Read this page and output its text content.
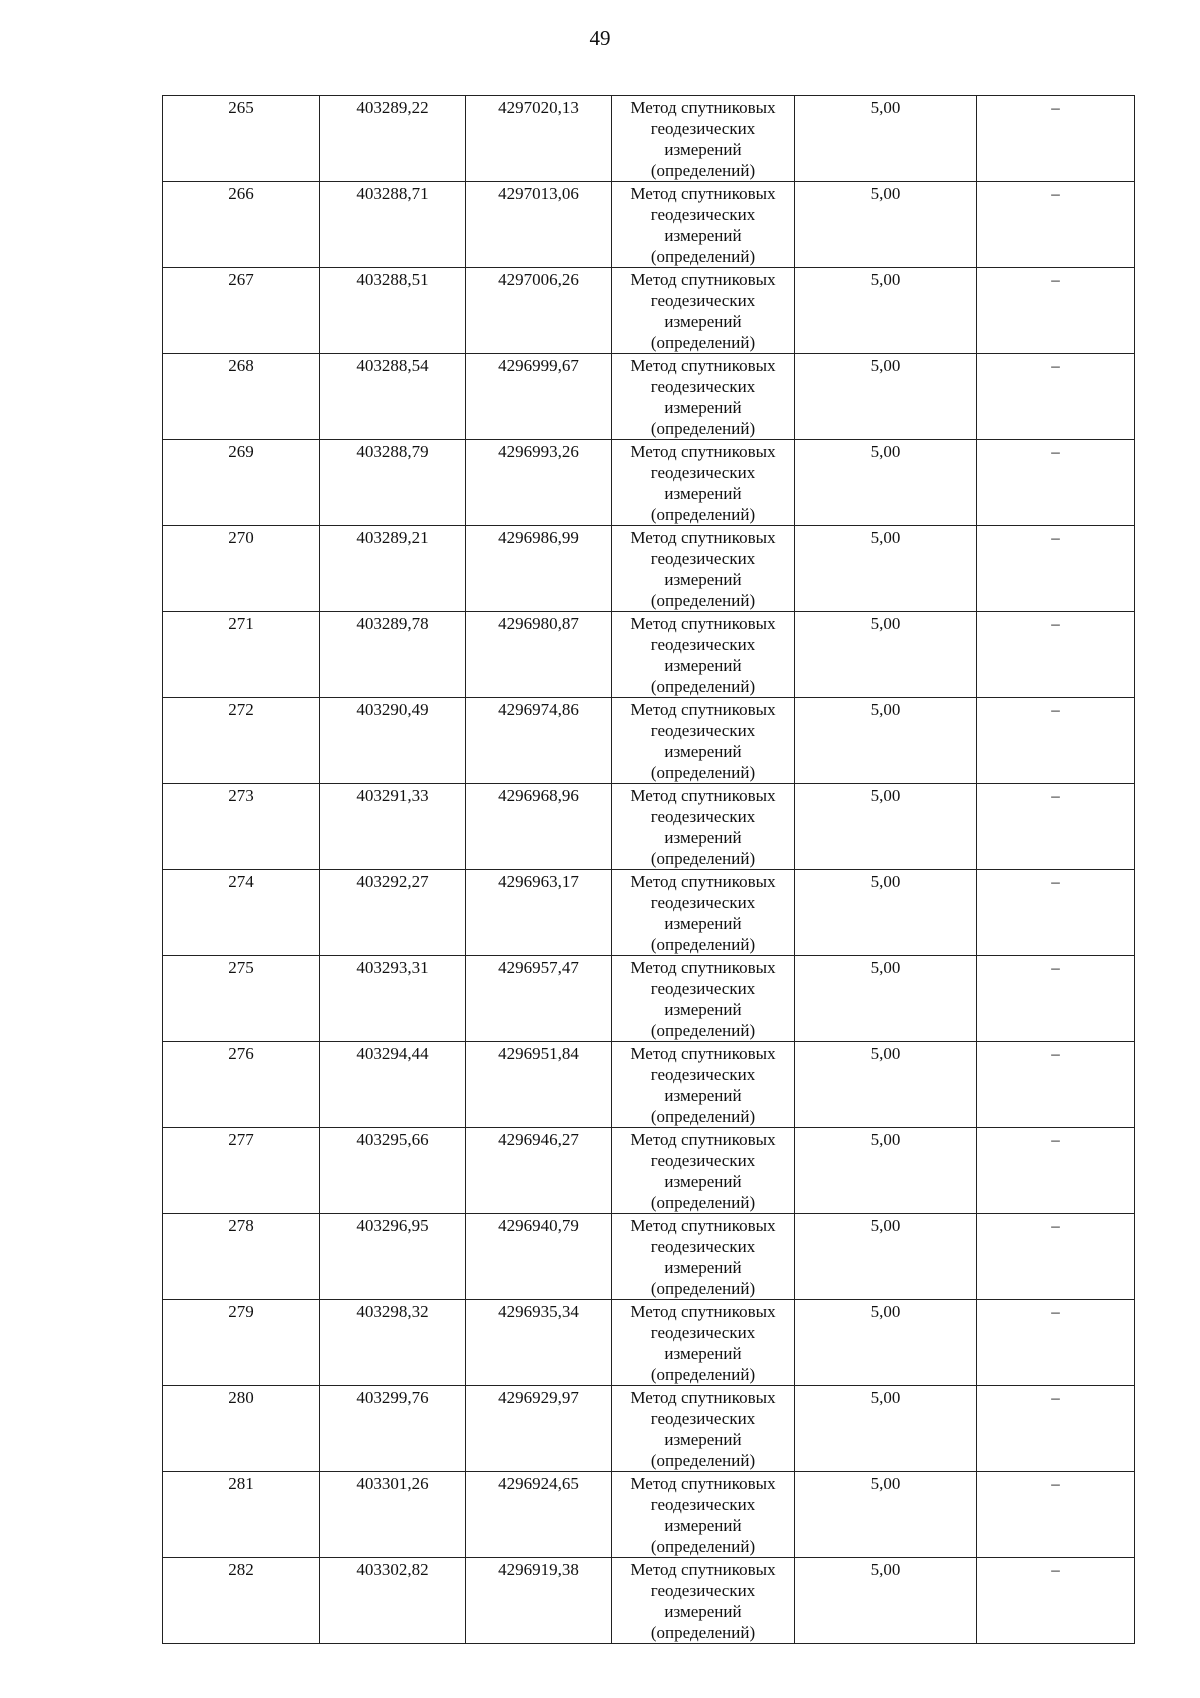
49
265	403289,22	4297020,13	Метод спутниковых геодезических измерений (определений)	5,00	–
266	403288,71	4297013,06	Метод спутниковых геодезических измерений (определений)	5,00	–
267	403288,51	4297006,26	Метод спутниковых геодезических измерений (определений)	5,00	–
268	403288,54	4296999,67	Метод спутниковых геодезических измерений (определений)	5,00	–
269	403288,79	4296993,26	Метод спутниковых геодезических измерений (определений)	5,00	–
270	403289,21	4296986,99	Метод спутниковых геодезических измерений (определений)	5,00	–
271	403289,78	4296980,87	Метод спутниковых геодезических измерений (определений)	5,00	–
272	403290,49	4296974,86	Метод спутниковых геодезических измерений (определений)	5,00	–
273	403291,33	4296968,96	Метод спутниковых геодезических измерений (определений)	5,00	–
274	403292,27	4296963,17	Метод спутниковых геодезических измерений (определений)	5,00	–
275	403293,31	4296957,47	Метод спутниковых геодезических измерений (определений)	5,00	–
276	403294,44	4296951,84	Метод спутниковых геодезических измерений (определений)	5,00	–
277	403295,66	4296946,27	Метод спутниковых геодезических измерений (определений)	5,00	–
278	403296,95	4296940,79	Метод спутниковых геодезических измерений (определений)	5,00	–
279	403298,32	4296935,34	Метод спутниковых геодезических измерений (определений)	5,00	–
280	403299,76	4296929,97	Метод спутниковых геодезических измерений (определений)	5,00	–
281	403301,26	4296924,65	Метод спутниковых геодезических измерений (определений)	5,00	–
282	403302,82	4296919,38	Метод спутниковых геодезических измерений (определений)	5,00	–
